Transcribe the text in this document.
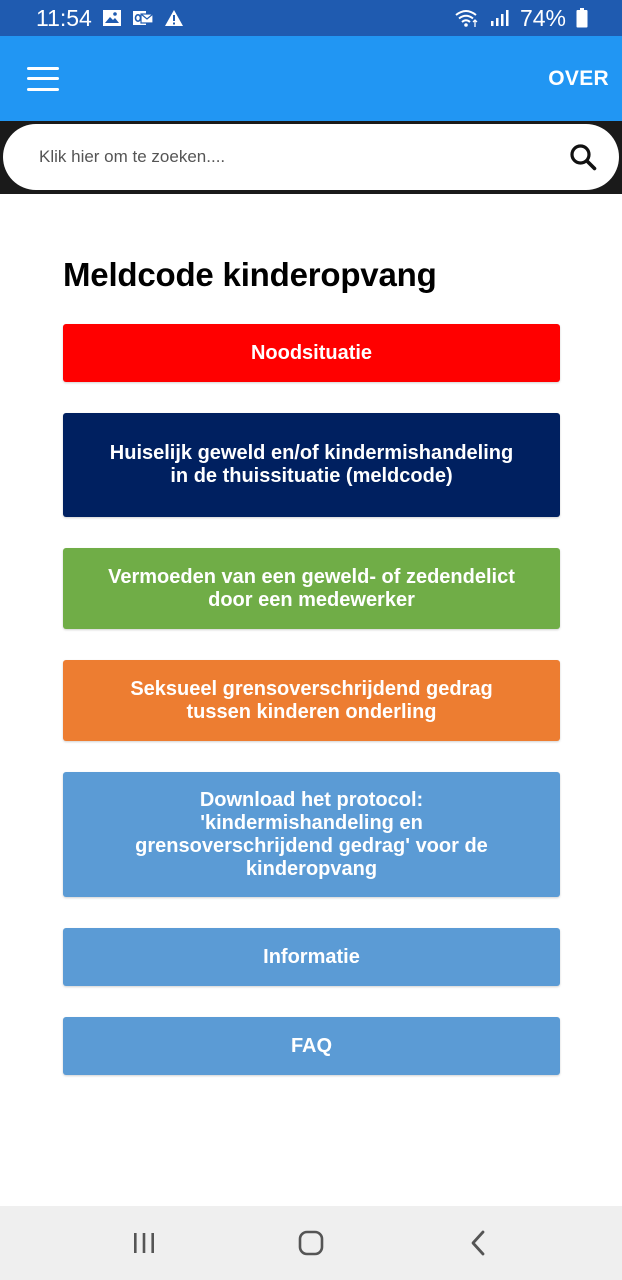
11:54	74%
OVER
Klik hier om te zoeken....
Meldcode kinderopvang
Noodsituatie
Huiselijk geweld en/of kindermishandeling in de thuissituatie (meldcode)
Vermoeden van een geweld- of zedendelict door een medewerker
Seksueel grensoverschrijdend gedrag tussen kinderen onderling
Download het protocol: 'kindermishandeling en grensoverschrijdend gedrag' voor de kinderopvang
Informatie
FAQ
